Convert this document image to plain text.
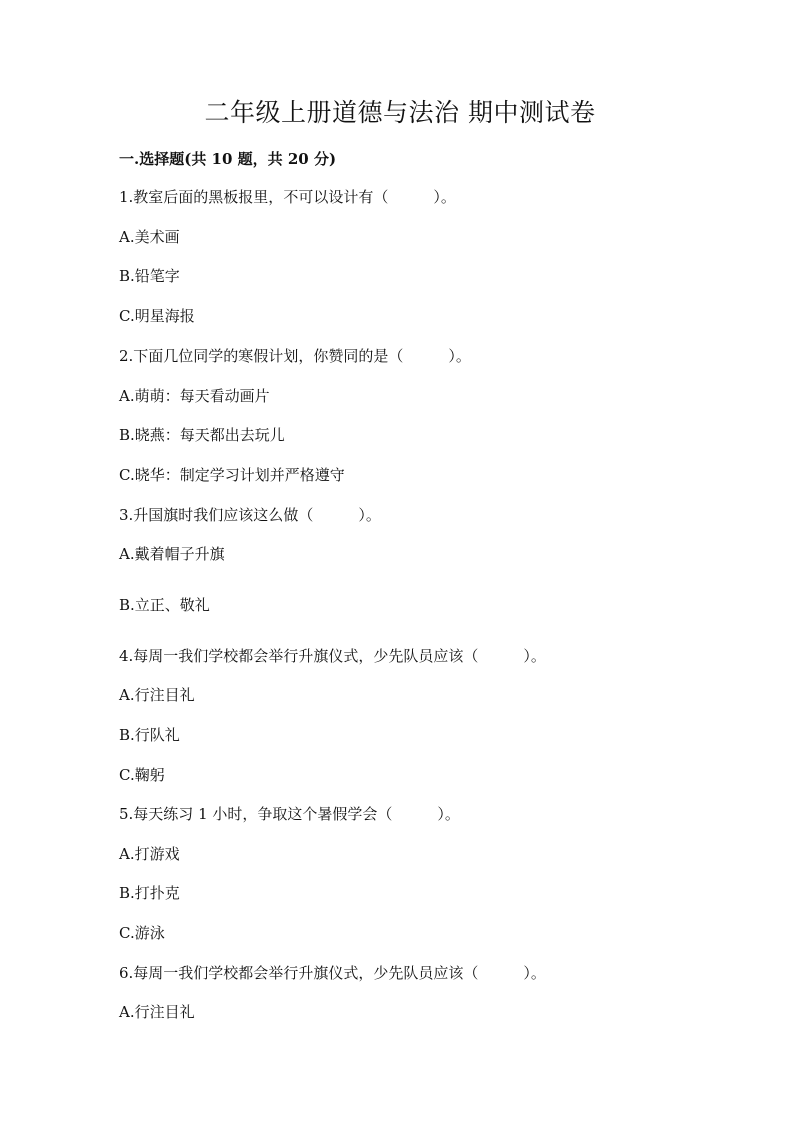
二年级上册道德与法治 期中测试卷
一.选择题(共 10 题，共 20 分)
1.教室后面的黑板报里，不可以设计有（　　　）。
A.美术画
B.铅笔字
C.明星海报
2.下面几位同学的寒假计划，你赞同的是（　　　）。
A.萌萌：每天看动画片
B.晓燕：每天都出去玩儿
C.晓华：制定学习计划并严格遵守
3.升国旗时我们应该这么做（　　　）。
A.戴着帽子升旗
B.立正、敬礼
4.每周一我们学校都会举行升旗仪式，少先队员应该（　　　）。
A.行注目礼
B.行队礼
C.鞠躬
5.每天练习 1 小时，争取这个暑假学会（　　　）。
A.打游戏
B.打扑克
C.游泳
6.每周一我们学校都会举行升旗仪式，少先队员应该（　　　）。
A.行注目礼
